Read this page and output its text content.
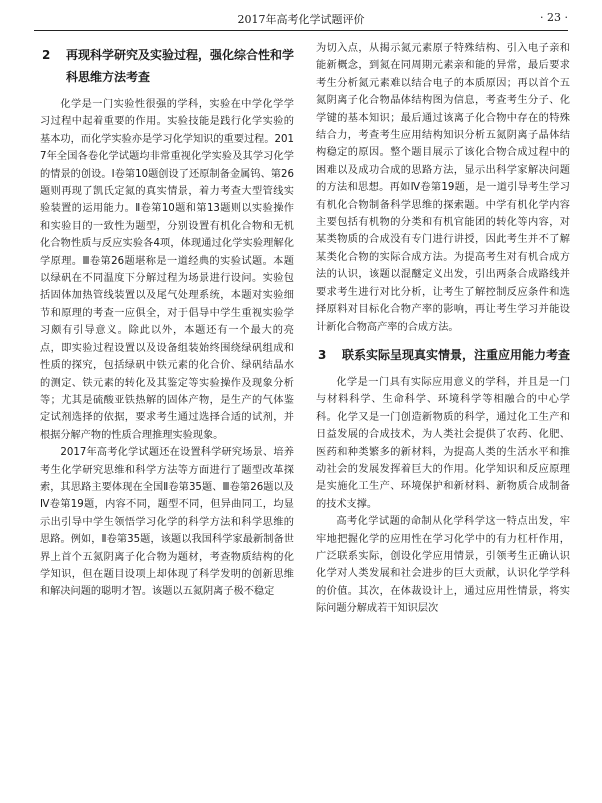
2017年高考化学试题评价	· 23 ·
2 再现科学研究及实验过程，强化综合性和学科思维方法考查

化学是一门实验性很强的学科，实验在中学化学学习过程中起着重要的作用。实验技能是践行化学实验的基本功，而化学实验亦是学习化学知识的重要过程。2017年全国各卷化学试题均非常重视化学实验及其学习化学的情景的创设。Ⅰ卷第10题创设了还原制备金属钨、第26题则再现了凯氏定氮的真实情景，着力考查大型管线实验装置的运用能力。Ⅱ卷第10题和第13题则以实验操作和实验目的一致性为题型，分别设置有机化合物和无机化合物性质与反应实验各4项，体现通过化学实验理解化学原理。Ⅲ卷第26题堪称是一道经典的实验试题。本题以绿矾在不同温度下分解过程为场景进行设问。实验包括固体加热管线装置以及尾气处理系统，本题对实验细节和原理的考查一应俱全，对于倡导中学生重视实验学习颇有引导意义。除此以外，本题还有一个最大的亮点，即实验过程设置以及设备组装始终围绕绿矾组成和性质的探究，包括绿矾中铁元素的化合价、绿矾结晶水的测定、铁元素的转化及其鉴定等实验操作及现象分析等；尤其是硫酸亚铁热解的固体产物，是生产的气体鉴定试剂选择的依据，要求考生通过选择合适的试剂，并根据分解产物的性质合理推理实验现象。

2017年高考化学试题还在设置科学研究场景、培养考生化学研究思维和科学方法等方面进行了题型改革探索，其思路主要体现在全国Ⅱ卷第35题、Ⅲ卷第26题以及Ⅳ卷第19题，内容不同，题型不同，但异曲同工，均显示出引导中学生领悟学习化学的科学方法和科学思维的思路。例如，Ⅱ卷第35题，该题以我国科学家最新制备世界上首个五氮阴离子化合物为题材，考查物质结构的化学知识，但在题目设项上却体现了科学发明的创新思维和解决问题的聪明才智。该题以五氮阴离子极不稳定

为切入点，从揭示氮元素原子特殊结构、引入电子亲和能新概念，到氮在同周期元素亲和能的异常，最后要求考生分析氮元素难以结合电子的本质原因；再以首个五氮阴离子化合物晶体结构图为信息，考查考生分子、化学键的基本知识；最后通过该离子化合物中存在的特殊结合力，考查考生应用结构知识分析五氮阴离子晶体结构稳定的原因。整个题目展示了该化合物合成过程中的困难以及成功合成的思路方法，显示出科学家解决问题的方法和思想。再如Ⅳ卷第19题，是一道引导考生学习有机化合物制备科学思维的探索题。中学有机化学内容主要包括有机物的分类和有机官能团的转化等内容，对某类物质的合成没有专门进行讲授，因此考生并不了解某类化合物的实际合成方法。为提高考生对有机合成方法的认识，该题以混醚定义出发，引出两条合成路线并要求考生进行对比分析，让考生了解控制反应条件和选择原料对目标化合物产率的影响，再让考生学习并能设计新化合物高产率的合成方法。

3 联系实际呈现真实情景，注重应用能力考查

化学是一门具有实际应用意义的学科，并且是一门与材料科学、生命科学、环境科学等相融合的中心学科。化学又是一门创造新物质的科学，通过化工生产和日益发展的合成技术，为人类社会提供了农药、化肥、医药和种类繁多的新材料，为提高人类的生活水平和推动社会的发展发挥着巨大的作用。化学知识和反应原理是实施化工生产、环境保护和新材料、新物质合成制备的技术支撑。

高考化学试题的命制从化学科学这一特点出发，牢牢地把握化学的应用性在学习化学中的有力杠杆作用，广泛联系实际，创设化学应用情景，引领考生正确认识化学对人类发展和社会进步的巨大贡献，认识化学学科的价值。其次，在体裁设计上，通过应用性情景，将实际问题分解成若干知识层次
